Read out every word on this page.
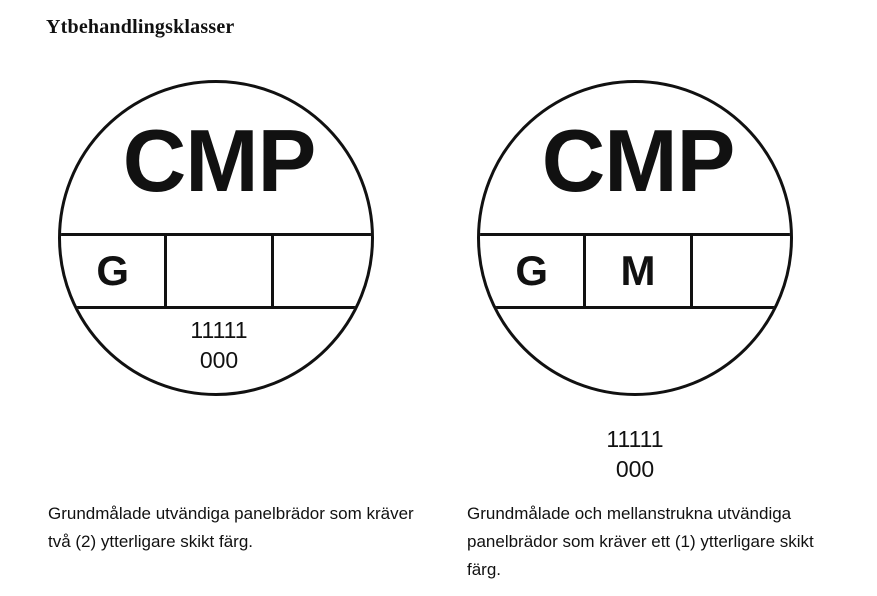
Ytbehandlingsklasser
CMP
G
11111
000
CMP
G	M
11111
000
Grundmålade utvändiga panelbrädor som kräver två (2) ytterligare skikt färg.
Grundmålade och mellanstrukna utvändiga panelbrädor som kräver ett (1) ytterligare skikt färg.
